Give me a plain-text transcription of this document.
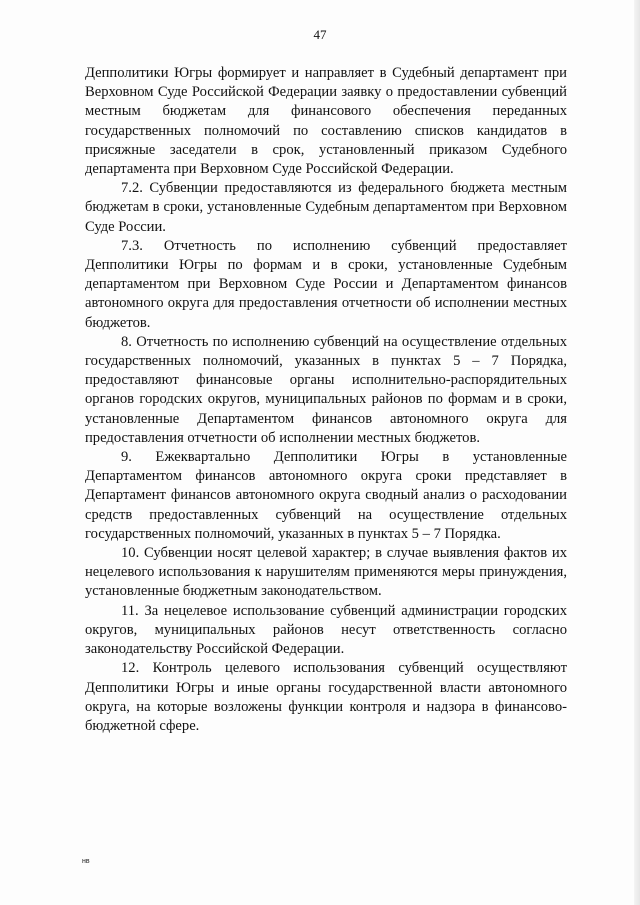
47

Депполитики Югры формирует и направляет в Судебный департамент при Верховном Суде Российской Федерации заявку о предоставлении субвенций местным бюджетам для финансового обеспечения переданных государственных полномочий по составлению списков кандидатов в присяжные заседатели в срок, установленный приказом Судебного департамента при Верховном Суде Российской Федерации.

7.2. Субвенции предоставляются из федерального бюджета местным бюджетам в сроки, установленные Судебным департаментом при Верховном Суде России.

7.3. Отчетность по исполнению субвенций предоставляет Депполитики Югры по формам и в сроки, установленные Судебным департаментом при Верховном Суде России и Департаментом финансов автономного округа для предоставления отчетности об исполнении местных бюджетов.

8. Отчетность по исполнению субвенций на осуществление отдельных государственных полномочий, указанных в пунктах 5 – 7 Порядка, предоставляют финансовые органы исполнительно-распорядительных органов городских округов, муниципальных районов по формам и в сроки, установленные Департаментом финансов автономного округа для предоставления отчетности об исполнении местных бюджетов.

9. Ежеквартально Депполитики Югры в установленные Департаментом финансов автономного округа сроки представляет в Департамент финансов автономного округа сводный анализ о расходовании средств предоставленных субвенций на осуществление отдельных государственных полномочий, указанных в пунктах 5 – 7 Порядка.

10. Субвенции носят целевой характер; в случае выявления фактов их нецелевого использования к нарушителям применяются меры принуждения, установленные бюджетным законодательством.

11. За нецелевое использование субвенций администрации городских округов, муниципальных районов несут ответственность согласно законодательству Российской Федерации.

12. Контроль целевого использования субвенций осуществляют Депполитики Югры и иные органы государственной власти автономного округа, на которые возложены функции контроля и надзора в финансово-бюджетной сфере.

нв
